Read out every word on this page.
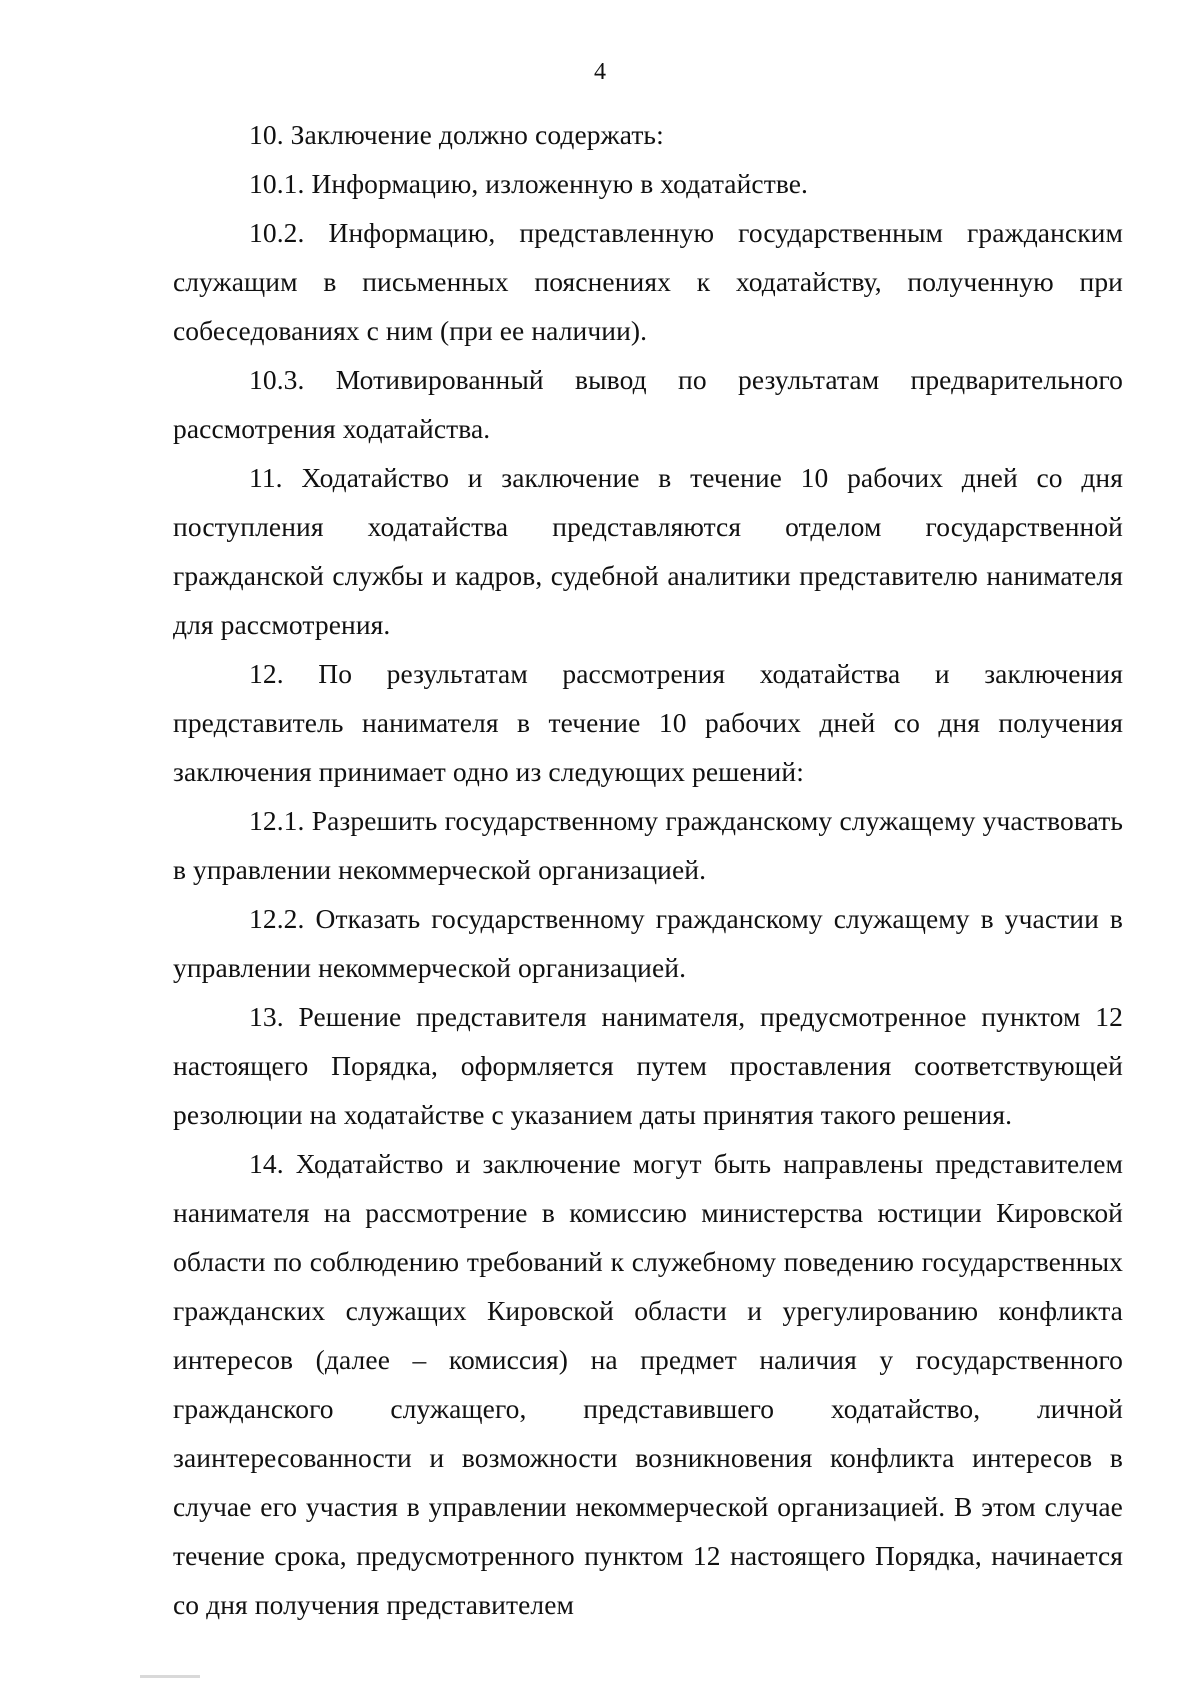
4

10. Заключение должно содержать:

10.1. Информацию, изложенную в ходатайстве.

10.2. Информацию, представленную государственным гражданским служащим в письменных пояснениях к ходатайству, полученную при собеседованиях с ним (при ее наличии).

10.3. Мотивированный вывод по результатам предварительного рассмотрения ходатайства.

11. Ходатайство и заключение в течение 10 рабочих дней со дня поступления ходатайства представляются отделом государственной гражданской службы и кадров, судебной аналитики представителю нанимателя для рассмотрения.

12. По результатам рассмотрения ходатайства и заключения представитель нанимателя в течение 10 рабочих дней со дня получения заключения принимает одно из следующих решений:

12.1. Разрешить государственному гражданскому служащему участвовать в управлении некоммерческой организацией.

12.2. Отказать государственному гражданскому служащему в участии в управлении некоммерческой организацией.

13. Решение представителя нанимателя, предусмотренное пунктом 12 настоящего Порядка, оформляется путем проставления соответствующей резолюции на ходатайстве с указанием даты принятия такого решения.

14. Ходатайство и заключение могут быть направлены представителем нанимателя на рассмотрение в комиссию министерства юстиции Кировской области по соблюдению требований к служебному поведению государственных гражданских служащих Кировской области и урегулированию конфликта интересов (далее – комиссия) на предмет наличия у государственного гражданского служащего, представившего ходатайство, личной заинтересованности и возможности возникновения конфликта интересов в случае его участия в управлении некоммерческой организацией. В этом случае течение срока, предусмотренного пунктом 12 настоящего Порядка, начинается со дня получения представителем
